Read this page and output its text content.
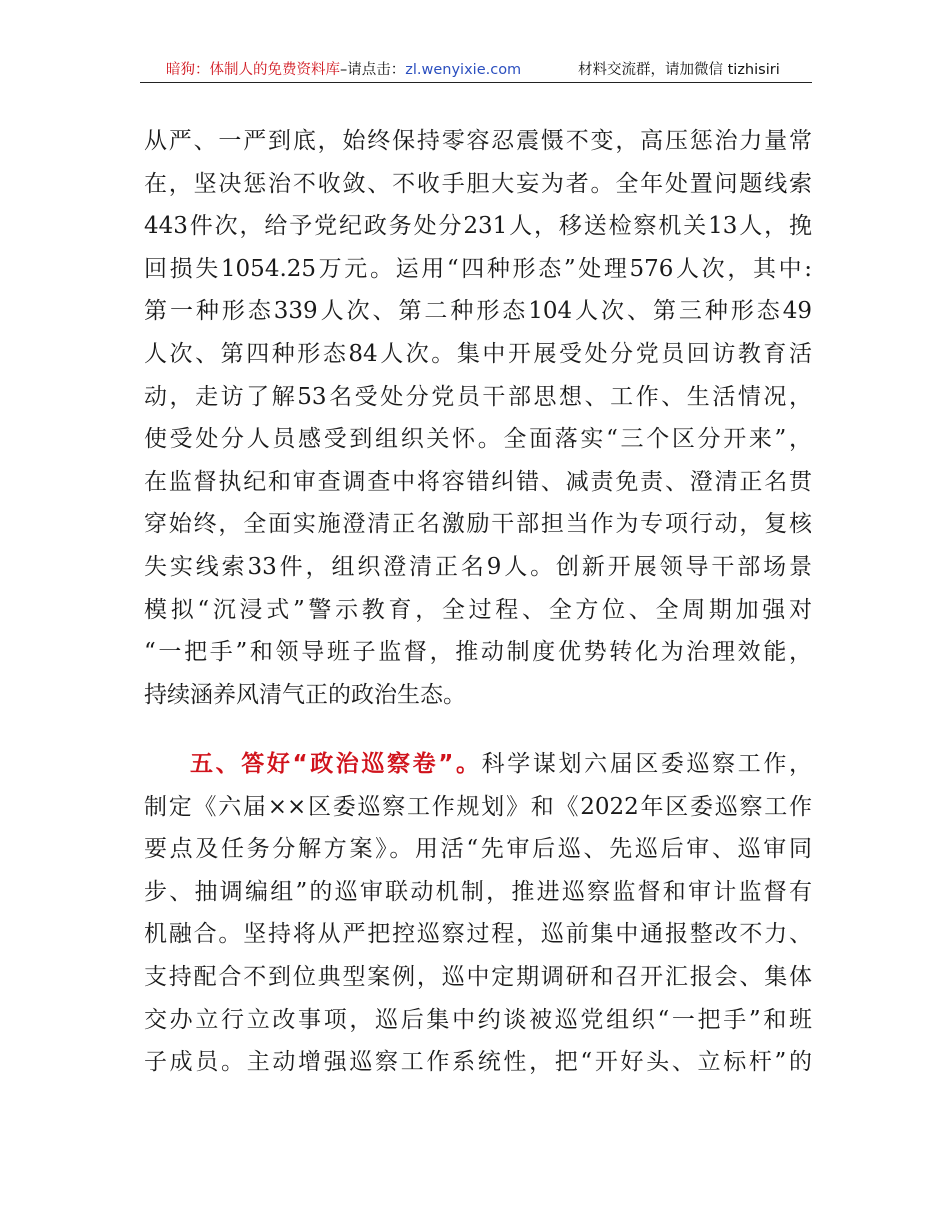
暗狗：体制人的免费资料库–请点击：zl.wenyixie.com	材料交流群，请加微信 tizhisiri
从严、一严到底，始终保持零容忍震慑不变，高压惩治力量常
在，坚决惩治不收敛、不收手胆大妄为者。全年处置问题线索
443件次，给予党纪政务处分231人，移送检察机关13人，挽
回损失1054.25万元。运用“四种形态”处理576人次，其中:
第一种形态339人次、第二种形态104人次、第三种形态49
人次、第四种形态84人次。集中开展受处分党员回访教育活
动，走访了解53名受处分党员干部思想、工作、生活情况，
使受处分人员感受到组织关怀。全面落实“三个区分开来”，
在监督执纪和审查调查中将容错纠错、减责免责、澄清正名贯
穿始终，全面实施澄清正名激励干部担当作为专项行动，复核
失实线索33件，组织澄清正名9人。创新开展领导干部场景
模拟“沉浸式”警示教育，全过程、全方位、全周期加强对
“一把手”和领导班子监督，推动制度优势转化为治理效能，
持续涵养风清气正的政治生态。
五、答好“政治巡察卷”。科学谋划六届区委巡察工作，
制定《六届××区委巡察工作规划》和《2022年区委巡察工作
要点及任务分解方案》。用活“先审后巡、先巡后审、巡审同
步、抽调编组”的巡审联动机制，推进巡察监督和审计监督有
机融合。坚持将从严把控巡察过程，巡前集中通报整改不力、
支持配合不到位典型案例，巡中定期调研和召开汇报会、集体
交办立行立改事项，巡后集中约谈被巡党组织“一把手”和班
子成员。主动增强巡察工作系统性，把“开好头、立标杆”的
